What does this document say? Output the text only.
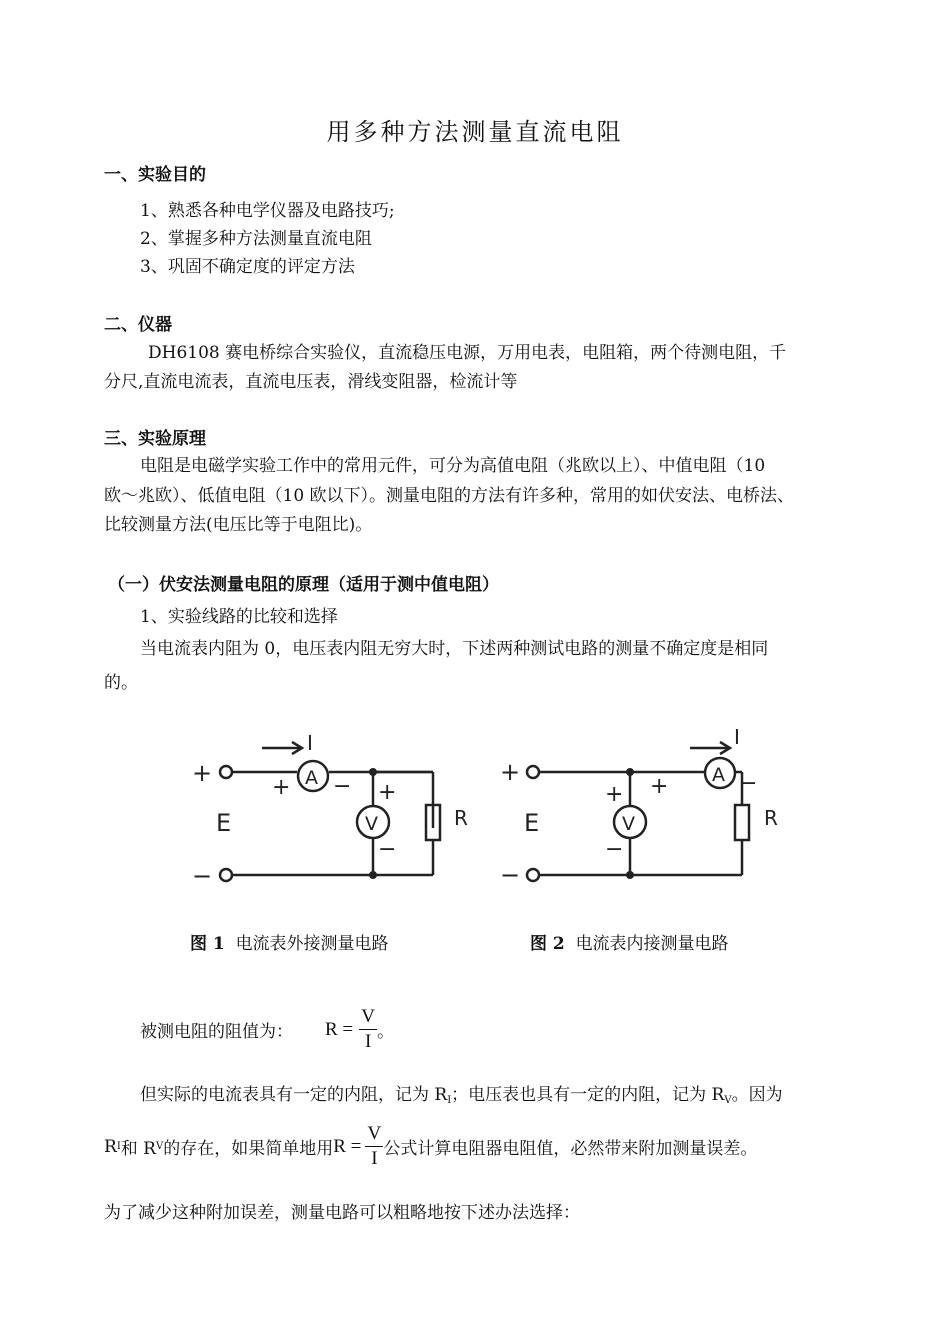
用多种方法测量直流电阻
一、实验目的
1、熟悉各种电学仪器及电路技巧;
2、掌握多种方法测量直流电阻
3、巩固不确定度的评定方法
二、仪器
DH6108 赛电桥综合实验仪，直流稳压电源，万用电表，电阻箱，两个待测电阻，千
分尺,直流电流表，直流电压表，滑线变阻器，检流计等
三、实验原理
电阻是电磁学实验工作中的常用元件，可分为高值电阻（兆欧以上）、中值电阻（10
欧～兆欧）、低值电阻（10 欧以下）。测量电阻的方法有许多种，常用的如伏安法、电桥法、
比较测量方法(电压比等于电阻比)。
（一）伏安法测量电阻的原理（适用于测中值电阻）
1、实验线路的比较和选择
当电流表内阻为 0，电压表内阻无穷大时，下述两种测试电路的测量不确定度是相同
的。
+
−
E
+ −
A
I
V
+
−
R
+
−
E
+
−
V
+	−
A
I
R
图 1 电流表外接测量电路	图 2 电流表内接测量电路
被测电阻的阻值为： R =
V
I 。
但实际的电流表具有一定的内阻，记为 $R_I$；电压表也具有一定的内阻，记为 $R_V$。因为
R I 和 R V 的存在，如果简单地用 R =
V
I 公式计算电阻器电阻值，必然带来附加测量误差。
为了减少这种附加误差，测量电路可以粗略地按下述办法选择：
